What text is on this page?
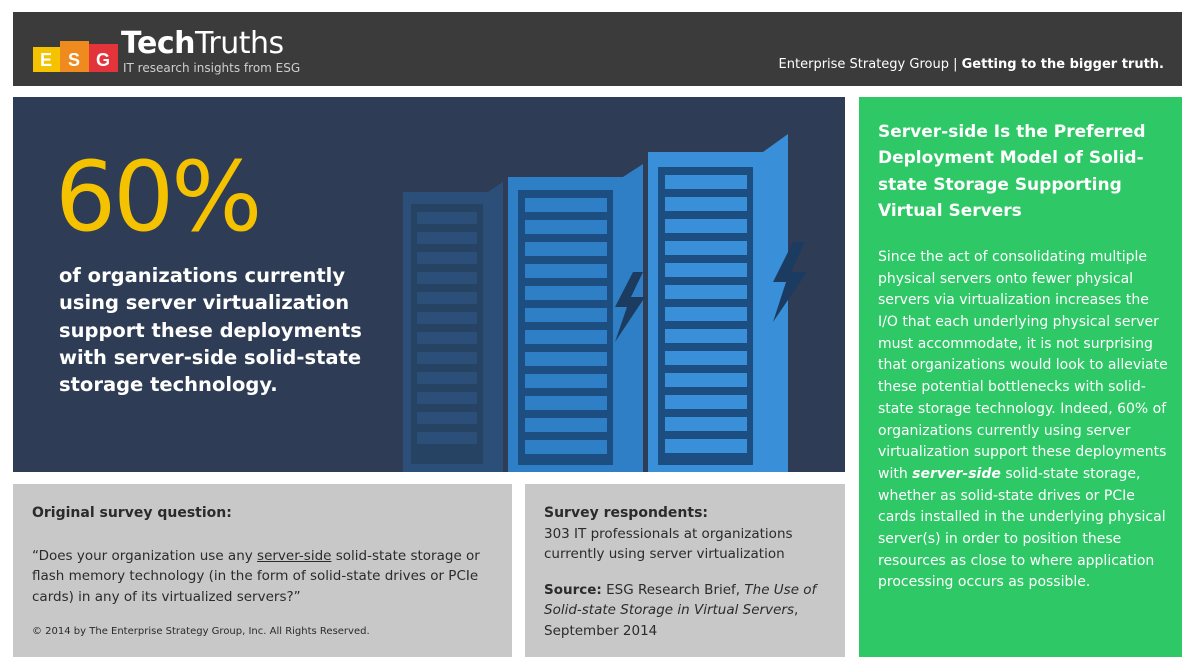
E S G TechTruths
IT research insights from ESG	Enterprise Strategy Group | Getting to the bigger truth.
60%
of organizations currently using server virtualization support these deployments with server-side solid-state storage technology.
Server-side Is the Preferred Deployment Model of Solid-state Storage Supporting Virtual Servers
Since the act of consolidating multiple physical servers onto fewer physical servers via virtualization increases the I/O that each underlying physical server must accommodate, it is not surprising that organizations would look to alleviate these potential bottlenecks with solid-state storage technology. Indeed, 60% of organizations currently using server virtualization support these deployments with server-side solid-state storage, whether as solid-state drives or PCIe cards installed in the underlying physical server(s) in order to position these resources as close to where application processing occurs as possible.
Original survey question:
“Does your organization use any server-side solid-state storage or flash memory technology (in the form of solid-state drives or PCIe cards) in any of its virtualized servers?”
© 2014 by The Enterprise Strategy Group, Inc. All Rights Reserved.
Survey respondents:
303 IT professionals at organizations currently using server virtualization
Source: ESG Research Brief, The Use of Solid-state Storage in Virtual Servers, September 2014
